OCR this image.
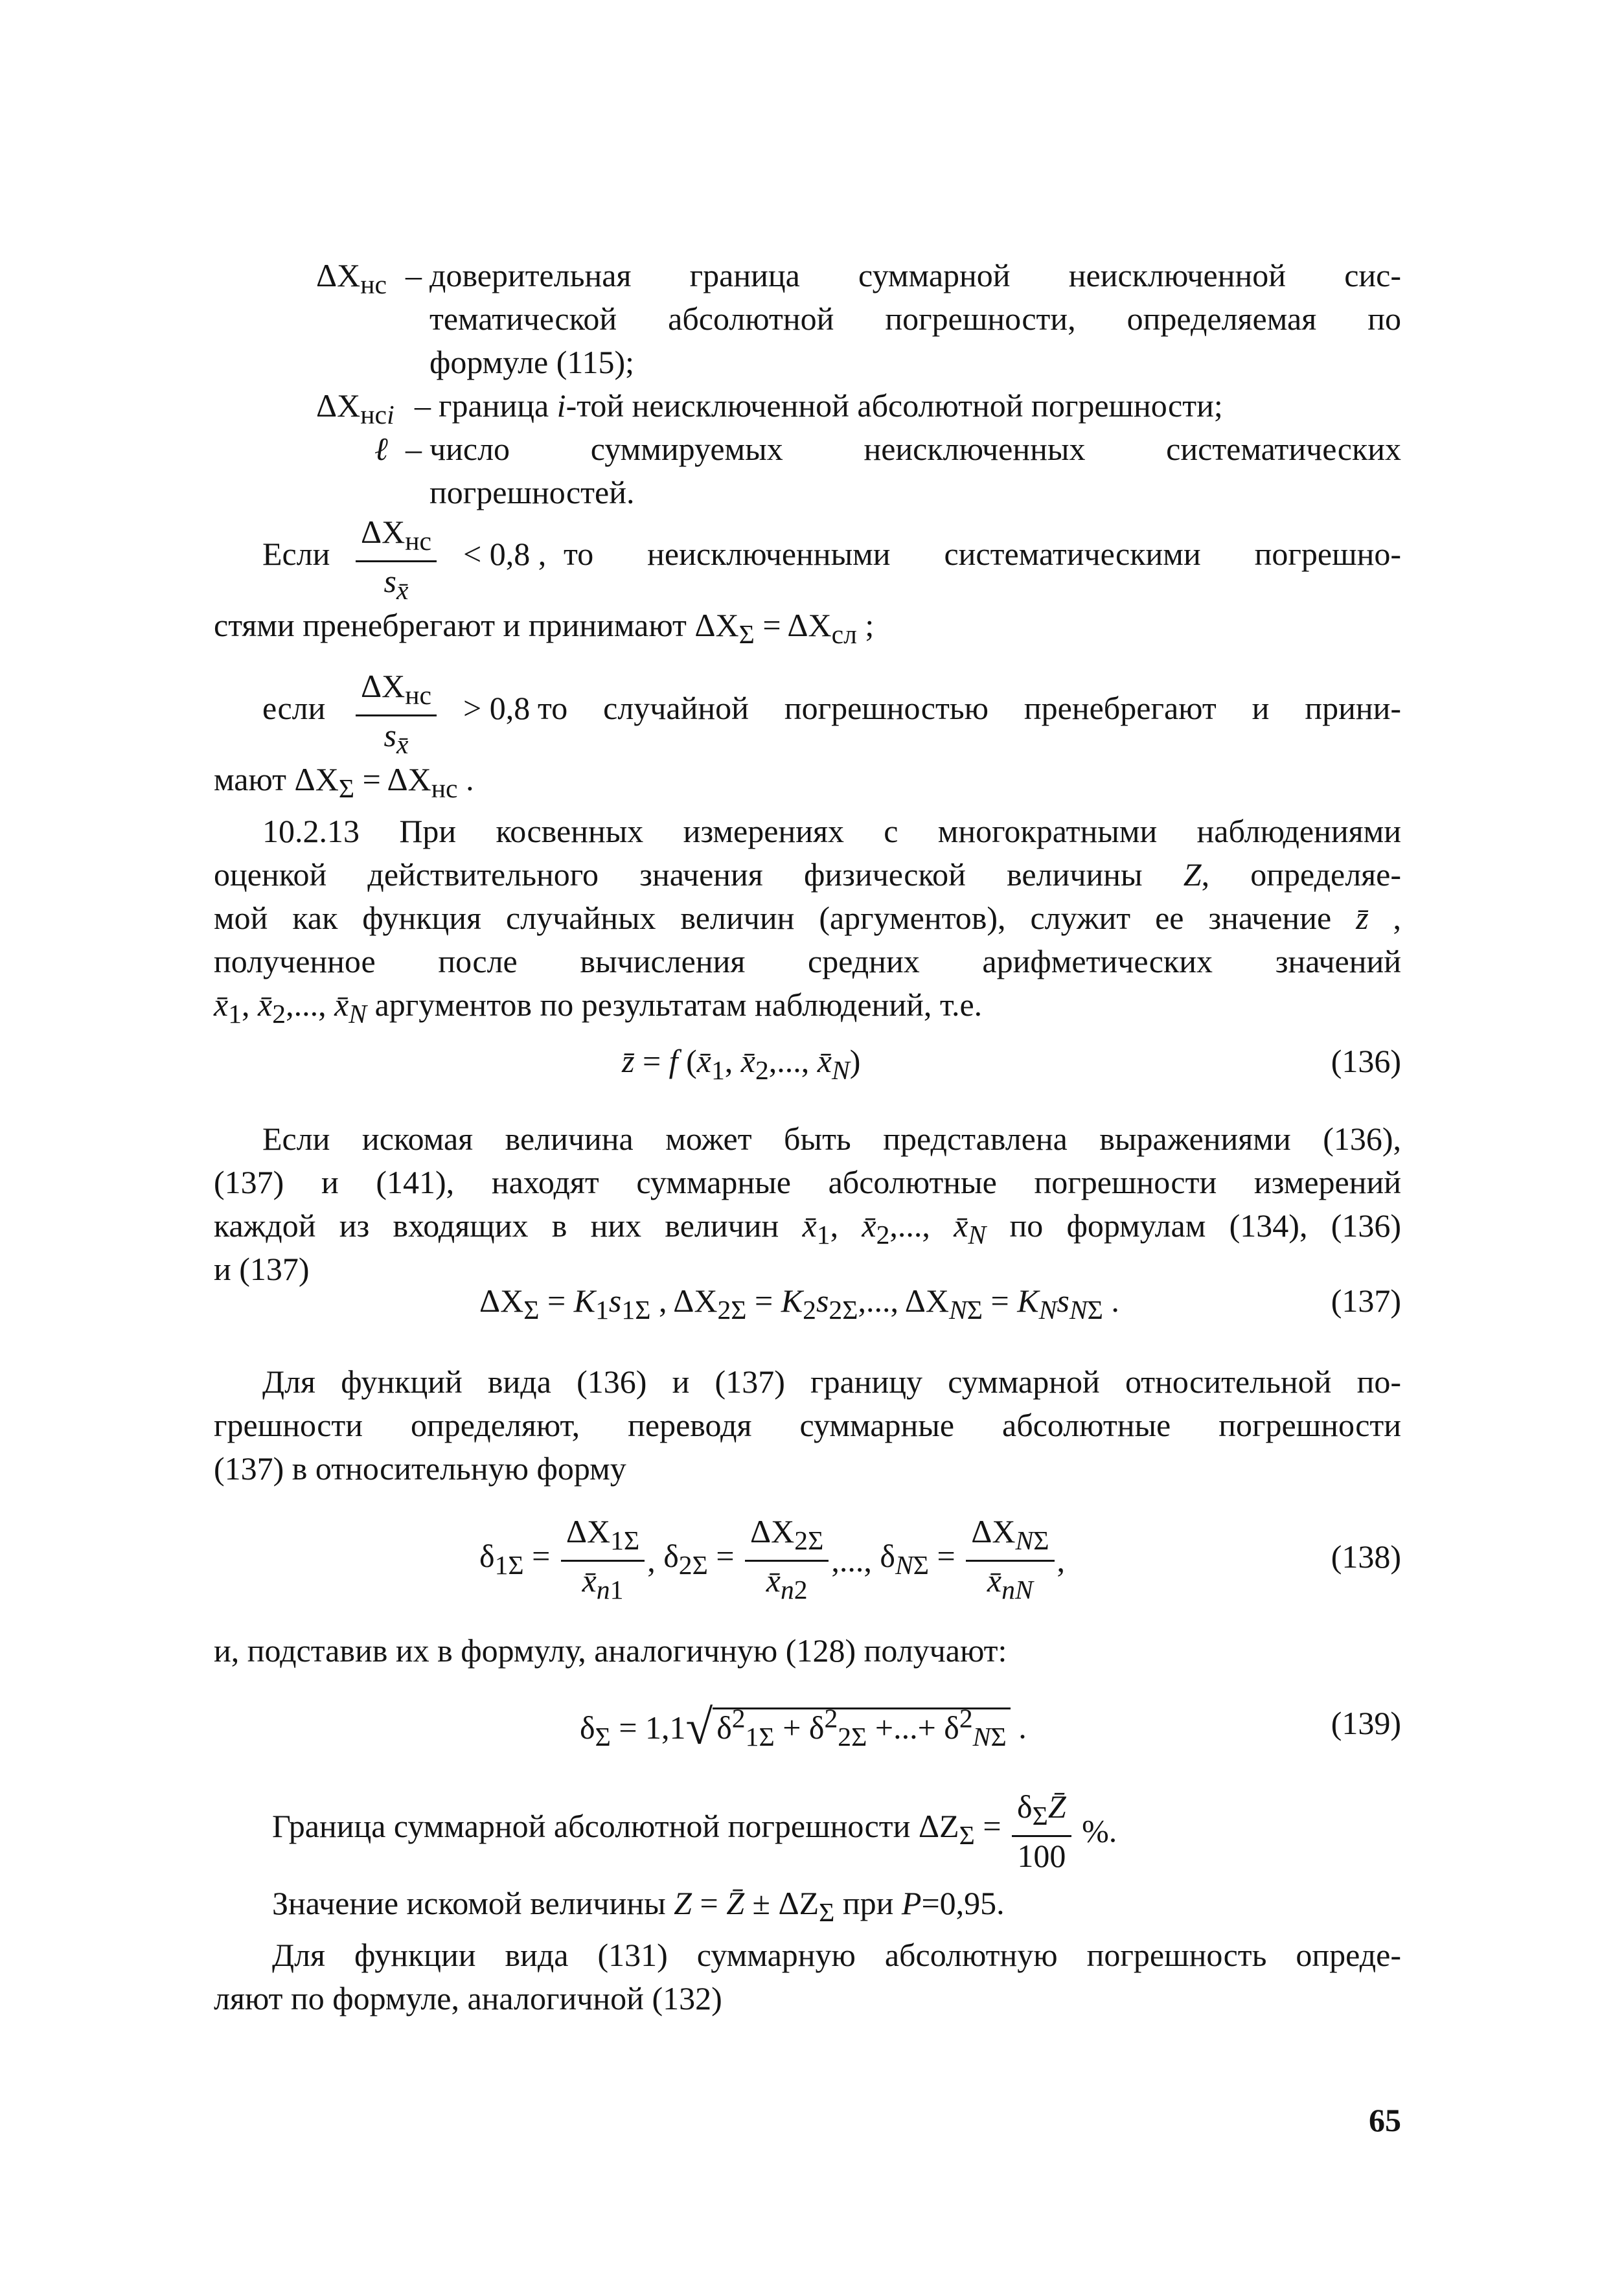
$\Delta X_{нс}$ – доверительная граница суммарной неисключенной сис-
тематической абсолютной погрешности, определяемая по
формуле (115);
$\Delta X_{нсi}$ – граница i-той неисключенной абсолютной погрешности;
ℓ – число суммируемых неисключенных систематических
погрешностей.
Если
$\Delta X_{нс}$
$s_{x̄}$
< 0,8 , то неисключенными систематическими погрешно-
стями пренебрегают и принимают $\Delta X_\Sigma = \Delta X_{сл}$ ;
если
$\Delta X_{нс}$
$s_{x̄}$
> 0,8 то случайной погрешностью пренебрегают и прини-
мают $\Delta X_\Sigma = \Delta X_{нс}$ .
10.2.13 При косвенных измерениях с многократными наблюдениями
оценкой действительного значения физической величины Z, определяе-
мой как функция случайных величин (аргументов), служит ее значение z̄ ,
полученное после вычисления средних арифметических значений
$x̄_1$, $x̄_2$,..., $x̄_N$ аргументов по результатам наблюдений, т.е.
z̄ = f ($x̄_1$, $x̄_2$,..., $x̄_N$)	(136)
Если искомая величина может быть представлена выражениями (136),
(137) и (141), находят суммарные абсолютные погрешности измерений
каждой из входящих в них величин $x̄_1$, $x̄_2$,..., $x̄_N$ по формулам (134), (136)
и (137)
$\Delta X_\Sigma = K_1s_{1\Sigma}$ , $\Delta X_{2\Sigma} = K_2s_{2\Sigma}$,..., $\Delta X_{N\Sigma} = K_Ns_{N\Sigma}$ .	(137)
Для функций вида (136) и (137) границу суммарной относительной по-
грешности определяют, переводя суммарные абсолютные погрешности
(137) в относительную форму
$\delta_{1\Sigma} = \frac{\Delta X_{1\Sigma}}{x̄_{n1}}$ , $\delta_{2\Sigma} = \frac{\Delta X_{2\Sigma}}{x̄_{n2}}$ ,..., $\delta_{N\Sigma} = \frac{\Delta X_{N\Sigma}}{x̄_{nN}}$ ,	(138)
и, подставив их в формулу, аналогичную (128) получают:
$\delta_\Sigma = 1,1√$ $\delta^2_{1\Sigma} + \delta^2_{2\Sigma}$ +...+ $\delta^2_{N\Sigma}$ .	(139)
Граница суммарной абсолютной погрешности $\Delta Z_\Sigma = \frac{\delta_\Sigma Z̄}{100}$ %.
Значение искомой величины Z = Z̄ ± $\Delta Z_\Sigma$ при P=0,95.
Для функции вида (131) суммарную абсолютную погрешность опреде-
ляют по формуле, аналогичной (132)
65
